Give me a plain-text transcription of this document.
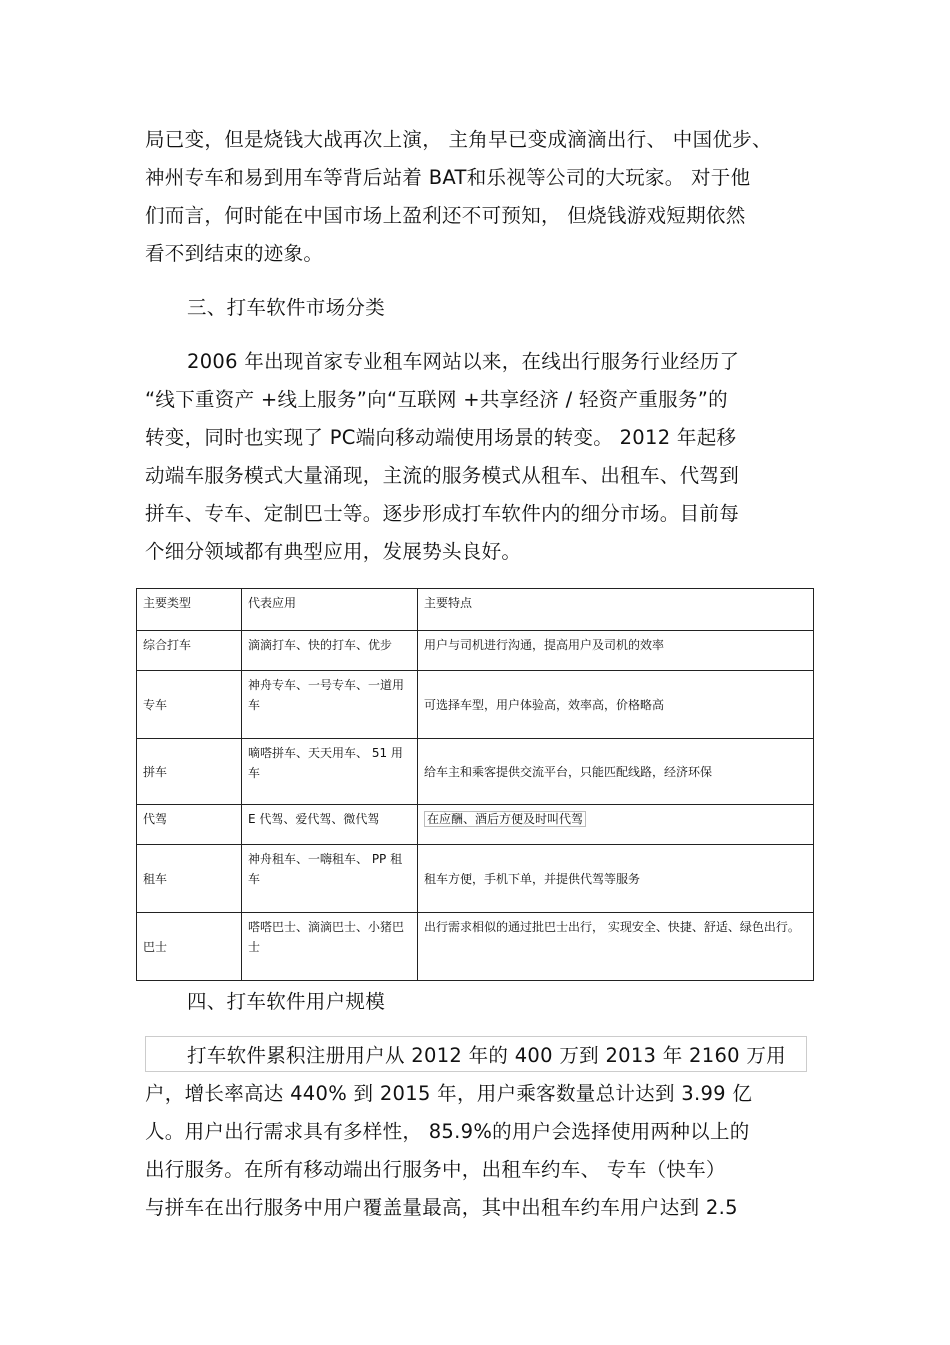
局已变，但是烧钱大战再次上演， 主角早已变成滴滴出行、 中国优步、
神州专车和易到用车等背后站着 BAT和乐视等公司的大玩家。 对于他
们而言，何时能在中国市场上盈利还不可预知， 但烧钱游戏短期依然
看不到结束的迹象。
三、打车软件市场分类
2006 年出现首家专业租车网站以来，在线出行服务行业经历了
“线下重资产 +线上服务”向“互联网 +共享经济 / 轻资产重服务”的
转变，同时也实现了 PC端向移动端使用场景的转变。 2012 年起移
动端车服务模式大量涌现，主流的服务模式从租车、出租车、代驾到
拼车、专车、定制巴士等。逐步形成打车软件内的细分市场。目前每
个细分领域都有典型应用，发展势头良好。
主要类型	代表应用	主要特点
综合打车	滴滴打车、快的打车、优步	用户与司机进行沟通，提高用户及司机的效率
专车	神舟专车、一号专车、一道用车	可选择车型，用户体验高，效率高，价格略高
拼车	嘀嗒拼车、天天用车、 51 用车	给车主和乘客提供交流平台，只能匹配线路，经济环保
代驾	E 代驾、爱代驾、微代驾	在应酬、酒后方便及时叫代驾
租车	神舟租车、一嗨租车、 PP 租车	租车方便，手机下单，并提供代驾等服务
巴士	嗒嗒巴士、滴滴巴士、小猪巴士	出行需求相似的通过批巴士出行， 实现安全、快捷、舒适、绿色出行。
四、打车软件用户规模
打车软件累积注册用户从 2012 年的 400 万到 2013 年 2160 万用
户，增长率高达 440% 到 2015 年，用户乘客数量总计达到 3.99 亿
人。用户出行需求具有多样性， 85.9%的用户会选择使用两种以上的
出行服务。在所有移动端出行服务中，出租车约车、 专车（快车）
与拼车在出行服务中用户覆盖量最高，其中出租车约车用户达到 2.5
